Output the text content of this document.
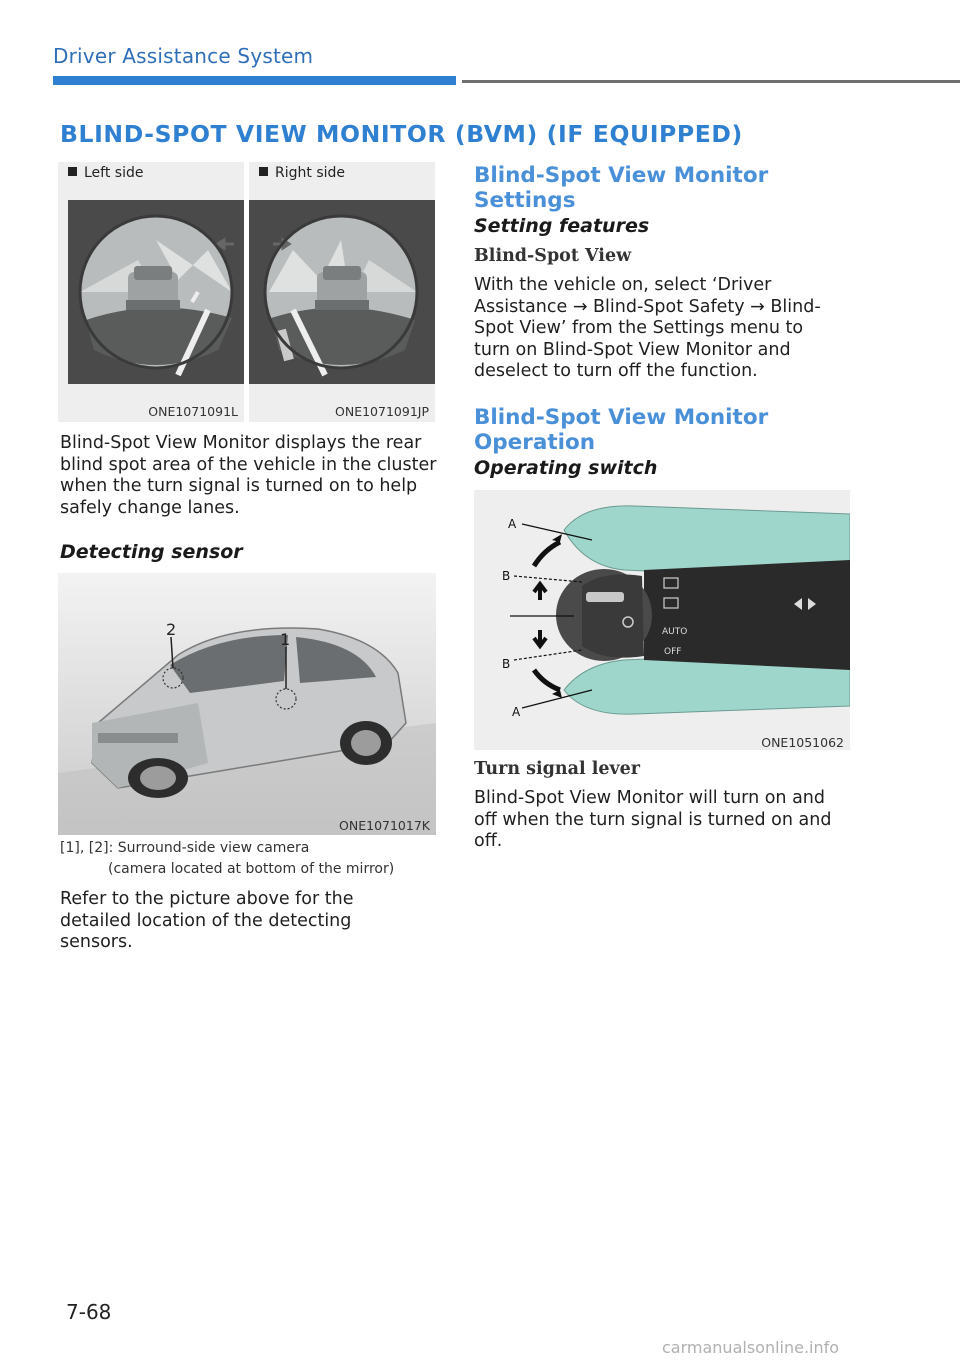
Driver Assistance System
BLIND-SPOT VIEW MONITOR (BVM) (IF EQUIPPED)
Left side
ONE1071091L
Right side
ONE1071091JP
Blind-Spot View Monitor displays the rear blind spot area of the vehicle in the cluster when the turn signal is turned on to help safely change lanes.
Detecting sensor
2
1
ONE1071017K
[1], [2]: Surround-side view camera
(camera located at bottom of the mirror)
Refer to the picture above for the detailed location of the detecting sensors.
Blind-Spot View Monitor Settings
Setting features
Blind-Spot View
With the vehicle on, select ‘Driver Assistance → Blind-Spot Safety → Blind-Spot View’ from the Settings menu to turn on Blind-Spot View Monitor and deselect to turn off the function.
Blind-Spot View Monitor Operation
Operating switch
A
B
B
A
AUTO
OFF
ONE1051062
Turn signal lever
Blind-Spot View Monitor will turn on and off when the turn signal is turned on and off.
7-68
carmanualsonline.info
